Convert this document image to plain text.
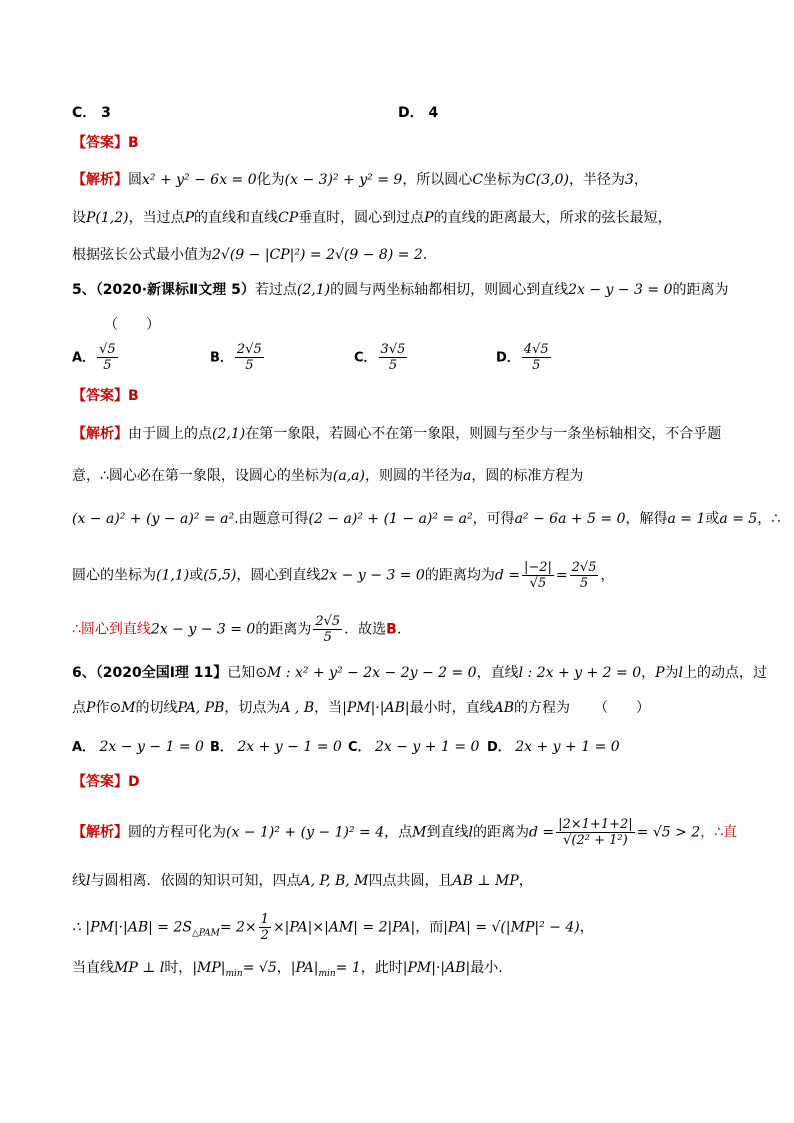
C． 3	D． 4
【答案】B
【解析】圆x² + y² − 6x = 0化为(x − 3)² + y² = 9，所以圆心C坐标为C(3,0)，半径为3，
设P(1,2)，当过点P的直线和直线CP垂直时，圆心到过点P的直线的距离最大，所求的弦长最短，
根据弦长公式最小值为2√(9 − |CP|²) = 2√(9 − 8) = 2．
5、（2020·新课标Ⅱ文理 5）若过点(2,1)的圆与两坐标轴都相切，则圆心到直线2x − y − 3 = 0的距离为
（　　）
A． $\frac{√5}{5}$	B． $\frac{2√5}{5}$	C． $\frac{3√5}{5}$	D． $\frac{4√5}{5}$
【答案】B
【解析】由于圆上的点(2,1)在第一象限，若圆心不在第一象限，则圆与至少与一条坐标轴相交，不合乎题
意，∴圆心必在第一象限，设圆心的坐标为(a,a)，则圆的半径为a，圆的标准方程为
(x − a)² + (y − a)² = a².由题意可得(2 − a)² + (1 − a)² = a²，可得a² − 6a + 5 = 0，解得a = 1或a = 5，∴
圆心的坐标为(1,1)或(5,5)，圆心到直线2x − y − 3 = 0的距离均为$d = \frac{|-2|}{√5} = \frac{2√5}{5}$ ，
∴圆心到直线2x − y − 3 = 0的距离为 $\frac{2√5}{5}$ ．故选B．
6、（2020全国Ⅰ理 11】已知⊙M : x² + y² − 2x − 2y − 2 = 0，直线l : 2x + y + 2 = 0，P为l上的动点，过
点P作⊙M的切线PA, PB，切点为A , B，当|PM|·|AB|最小时，直线AB的方程为 （　　）
A． 2x − y − 1 = 0 B． 2x + y − 1 = 0 C． 2x − y + 1 = 0 D． 2x + y + 1 = 0
【答案】D
【解析】圆的方程可化为(x − 1)² + (y − 1)² = 4，点M到直线l的距离为$d = \frac{|2\times 1+1+2|}{\text{√(2² + 1²)}} = √5 > 2$，∴直
线l与圆相离．依圆的知识可知，四点A, P, B, M四点共圆，且AB ⊥ MP，
∴ $|PM|\cdot|AB| = 2S_{\triangle PAM}= 2\times \frac{1}{2} \times|PA|\times|AM| = 2|PA|$，而|PA| = √(|MP|² − 4)，
当直线MP ⊥ l时，$|MP|_{min}= √5$，$|PA|_{min}= 1$，此时|PM|·|AB|最小．
